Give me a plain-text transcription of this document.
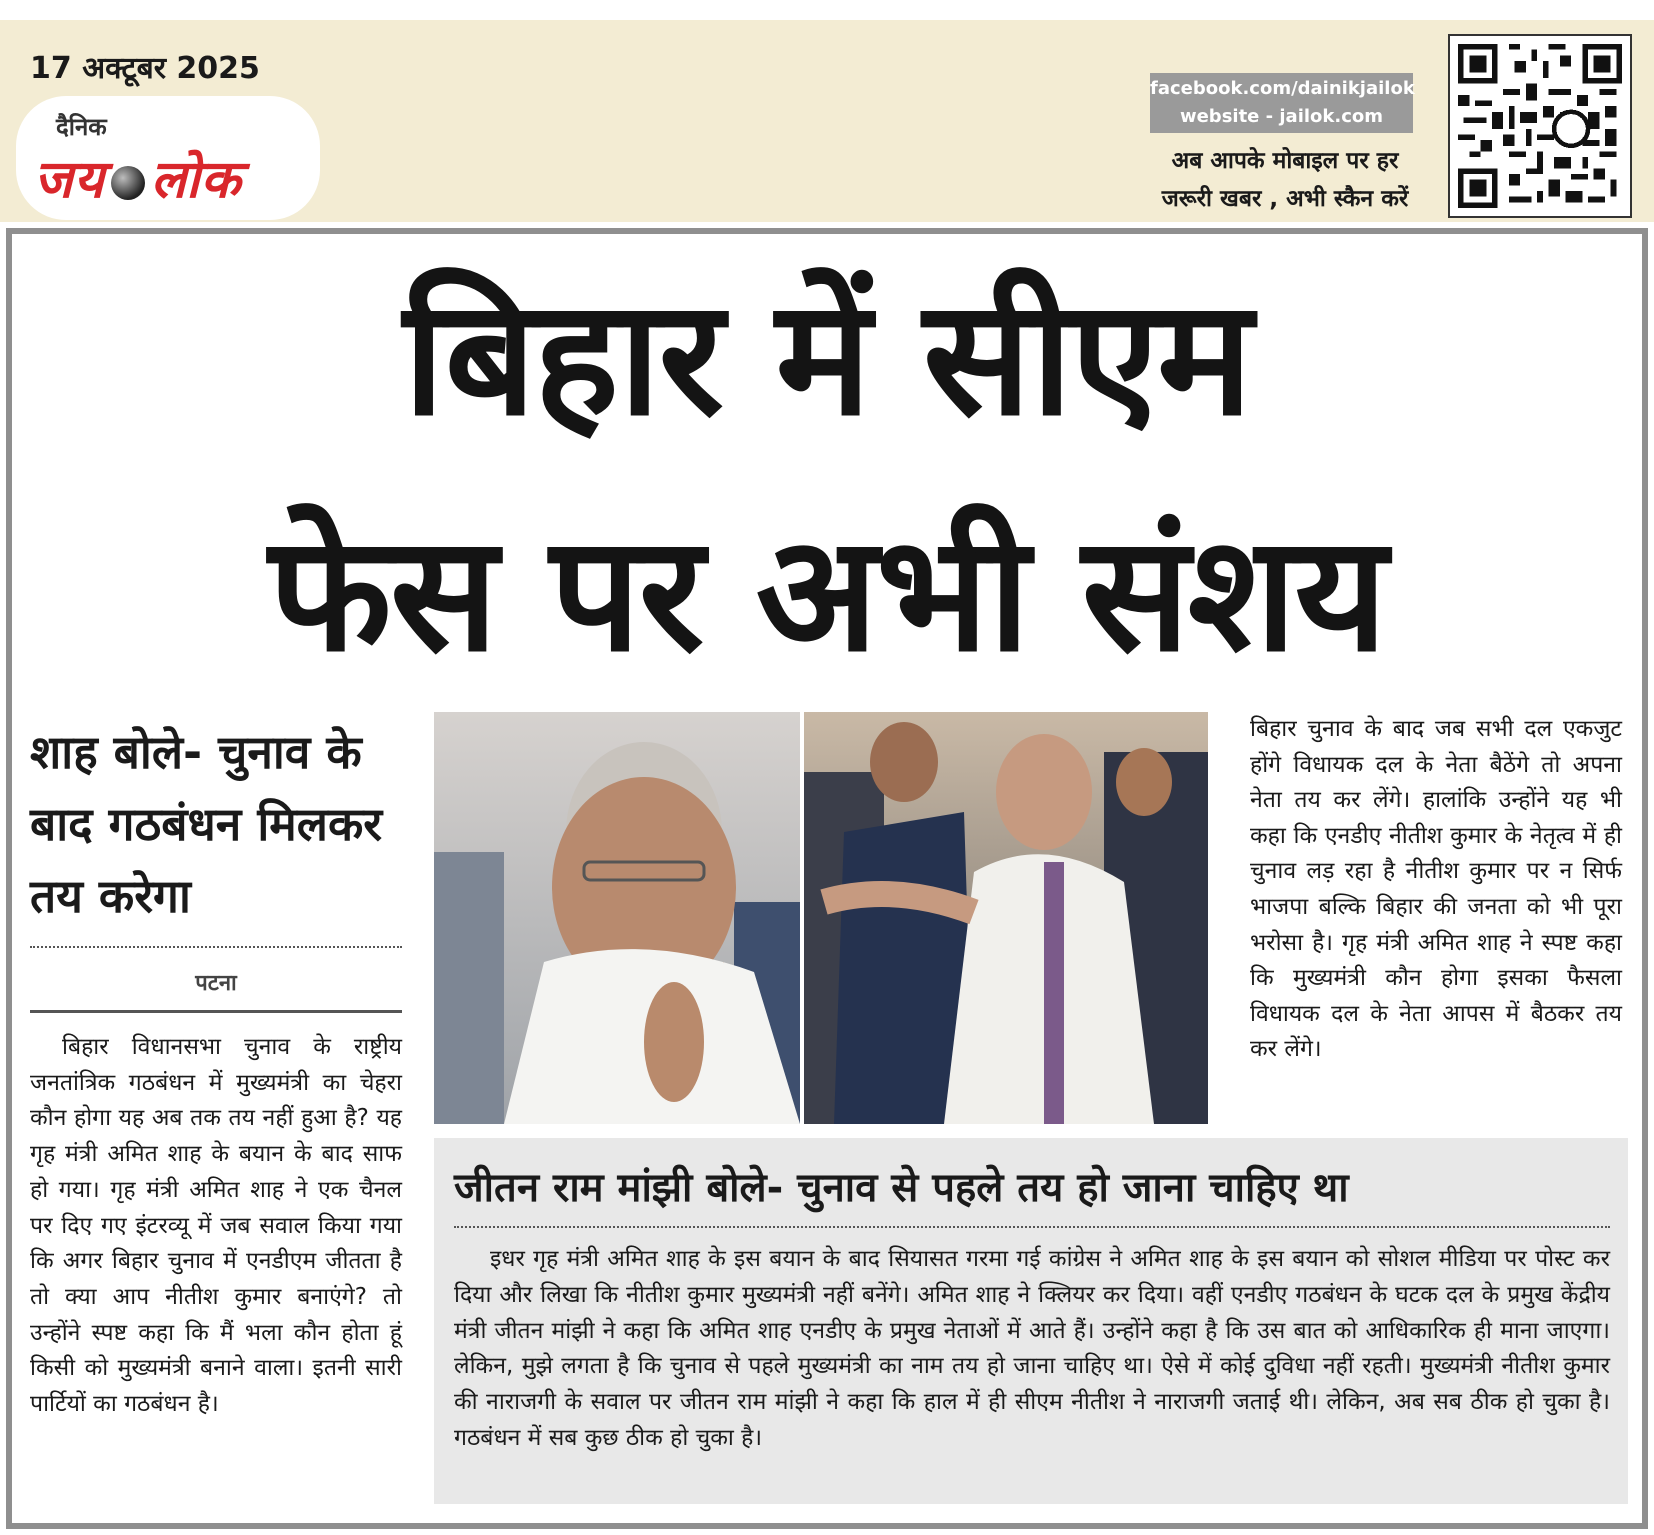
17 अक्टूबर 2025
दैनिक
जय लोक
facebook.com/dainikjailok
website - jailok.com
अब आपके मोबाइल पर हर
जरूरी खबर , अभी स्कैन करें
बिहार में सीएम
फेस पर अभी संशय
शाह बोले- चुनाव के बाद गठबंधन मिलकर तय करेगा
पटना
बिहार विधानसभा चुनाव के राष्ट्रीय जनतांत्रिक गठबंधन में मुख्यमंत्री का चेहरा कौन होगा यह अब तक तय नहीं हुआ है? यह गृह मंत्री अमित शाह के बयान के बाद साफ हो गया। गृह मंत्री अमित शाह ने एक चैनल पर दिए गए इंटरव्यू में जब सवाल किया गया कि अगर बिहार चुनाव में एनडीएम जीतता है तो क्या आप नीतीश कुमार बनाएंगे? तो उन्होंने स्पष्ट कहा कि मैं भला कौन होता हूं किसी को मुख्यमंत्री बनाने वाला। इतनी सारी पार्टियों का गठबंधन है।
बिहार चुनाव के बाद जब सभी दल एकजुट होंगे विधायक दल के नेता बैठेंगे तो अपना नेता तय कर लेंगे। हालांकि उन्होंने यह भी कहा कि एनडीए नीतीश कुमार के नेतृत्व में ही चुनाव लड़ रहा है नीतीश कुमार पर न सिर्फ भाजपा बल्कि बिहार की जनता को भी पूरा भरोसा है। गृह मंत्री अमित शाह ने स्पष्ट कहा कि मुख्यमंत्री कौन होगा इसका फैसला विधायक दल के नेता आपस में बैठकर तय कर लेंगे।
जीतन राम मांझी बोले- चुनाव से पहले तय हो जाना चाहिए था
इधर गृह मंत्री अमित शाह के इस बयान के बाद सियासत गरमा गई कांग्रेस ने अमित शाह के इस बयान को सोशल मीडिया पर पोस्ट कर दिया और लिखा कि नीतीश कुमार मुख्यमंत्री नहीं बनेंगे। अमित शाह ने क्लियर कर दिया। वहीं एनडीए गठबंधन के घटक दल के प्रमुख केंद्रीय मंत्री जीतन मांझी ने कहा कि अमित शाह एनडीए के प्रमुख नेताओं में आते हैं। उन्होंने कहा है कि उस बात को आधिकारिक ही माना जाएगा। लेकिन, मुझे लगता है कि चुनाव से पहले मुख्यमंत्री का नाम तय हो जाना चाहिए था। ऐसे में कोई दुविधा नहीं रहती। मुख्यमंत्री नीतीश कुमार की नाराजगी के सवाल पर जीतन राम मांझी ने कहा कि हाल में ही सीएम नीतीश ने नाराजगी जताई थी। लेकिन, अब सब ठीक हो चुका है। गठबंधन में सब कुछ ठीक हो चुका है।
